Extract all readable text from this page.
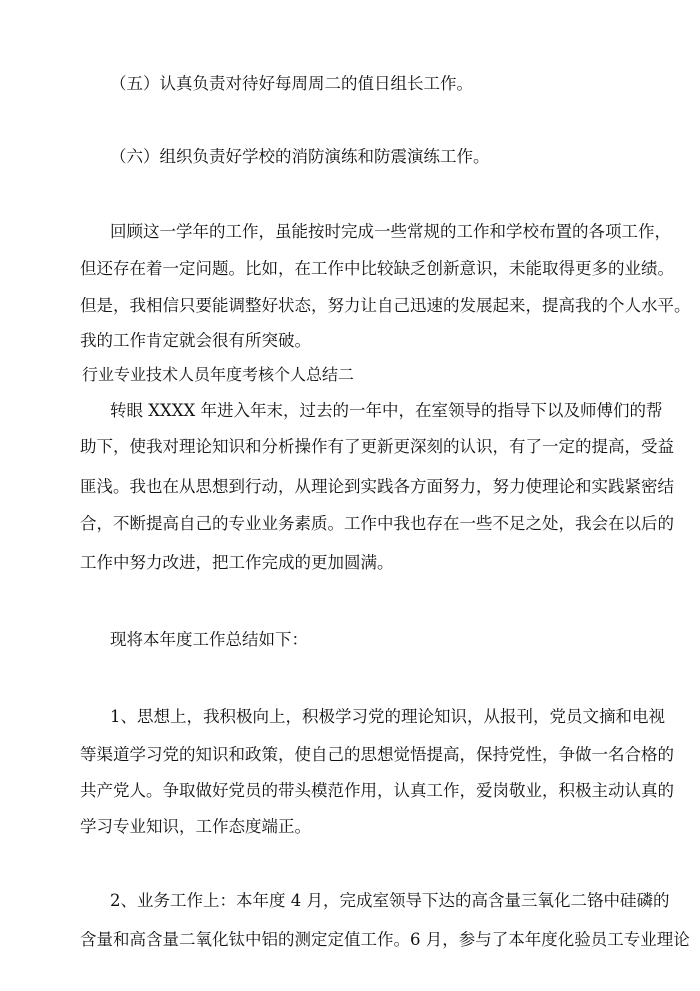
（五）认真负责对待好每周周二的值日组长工作。
（六）组织负责好学校的消防演练和防震演练工作。
回顾这一学年的工作，虽能按时完成一些常规的工作和学校布置的各项工作，
但还存在着一定问题。比如，在工作中比较缺乏创新意识，未能取得更多的业绩。
但是，我相信只要能调整好状态，努力让自己迅速的发展起来，提高我的个人水平。
我的工作肯定就会很有所突破。
行业专业技术人员年度考核个人总结二
转眼 XXXX 年进入年末，过去的一年中，在室领导的指导下以及师傅们的帮
助下，使我对理论知识和分析操作有了更新更深刻的认识，有了一定的提高，受益
匪浅。我也在从思想到行动，从理论到实践各方面努力，努力使理论和实践紧密结
合，不断提高自己的专业业务素质。工作中我也存在一些不足之处，我会在以后的
工作中努力改进，把工作完成的更加圆满。
现将本年度工作总结如下：
1、思想上，我积极向上，积极学习党的理论知识，从报刊，党员文摘和电视
等渠道学习党的知识和政策，使自己的思想觉悟提高，保持党性，争做一名合格的
共产党人。争取做好党员的带头模范作用，认真工作，爱岗敬业，积极主动认真的
学习专业知识，工作态度端正。
2、业务工作上：本年度 4 月，完成室领导下达的高含量三氧化二铬中硅磷的
含量和高含量二氧化钛中铝的测定定值工作。6 月，参与了本年度化验员工专业理论
